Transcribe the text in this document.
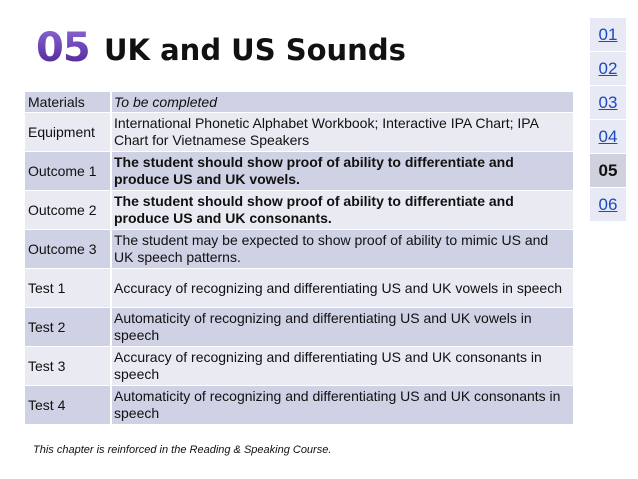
05 UK and US Sounds	01
02
03
04
05
06
Materials	To be completed
Equipment	International Phonetic Alphabet Workbook; Interactive IPA Chart; IPA Chart for Vietnamese Speakers
Outcome 1	The student should show proof of ability to differentiate and produce US and UK vowels.
Outcome 2	The student should show proof of ability to differentiate and produce US and UK consonants.
Outcome 3	The student may be expected to show proof of ability to mimic US and UK speech patterns.
Test 1	Accuracy of recognizing and differentiating US and UK vowels in speech
Test 2	Automaticity of recognizing and differentiating US and UK vowels in speech
Test 3	Accuracy of recognizing and differentiating US and UK consonants in speech
Test 4	Automaticity of recognizing and differentiating US and UK consonants in speech
This chapter is reinforced in the Reading & Speaking Course.
